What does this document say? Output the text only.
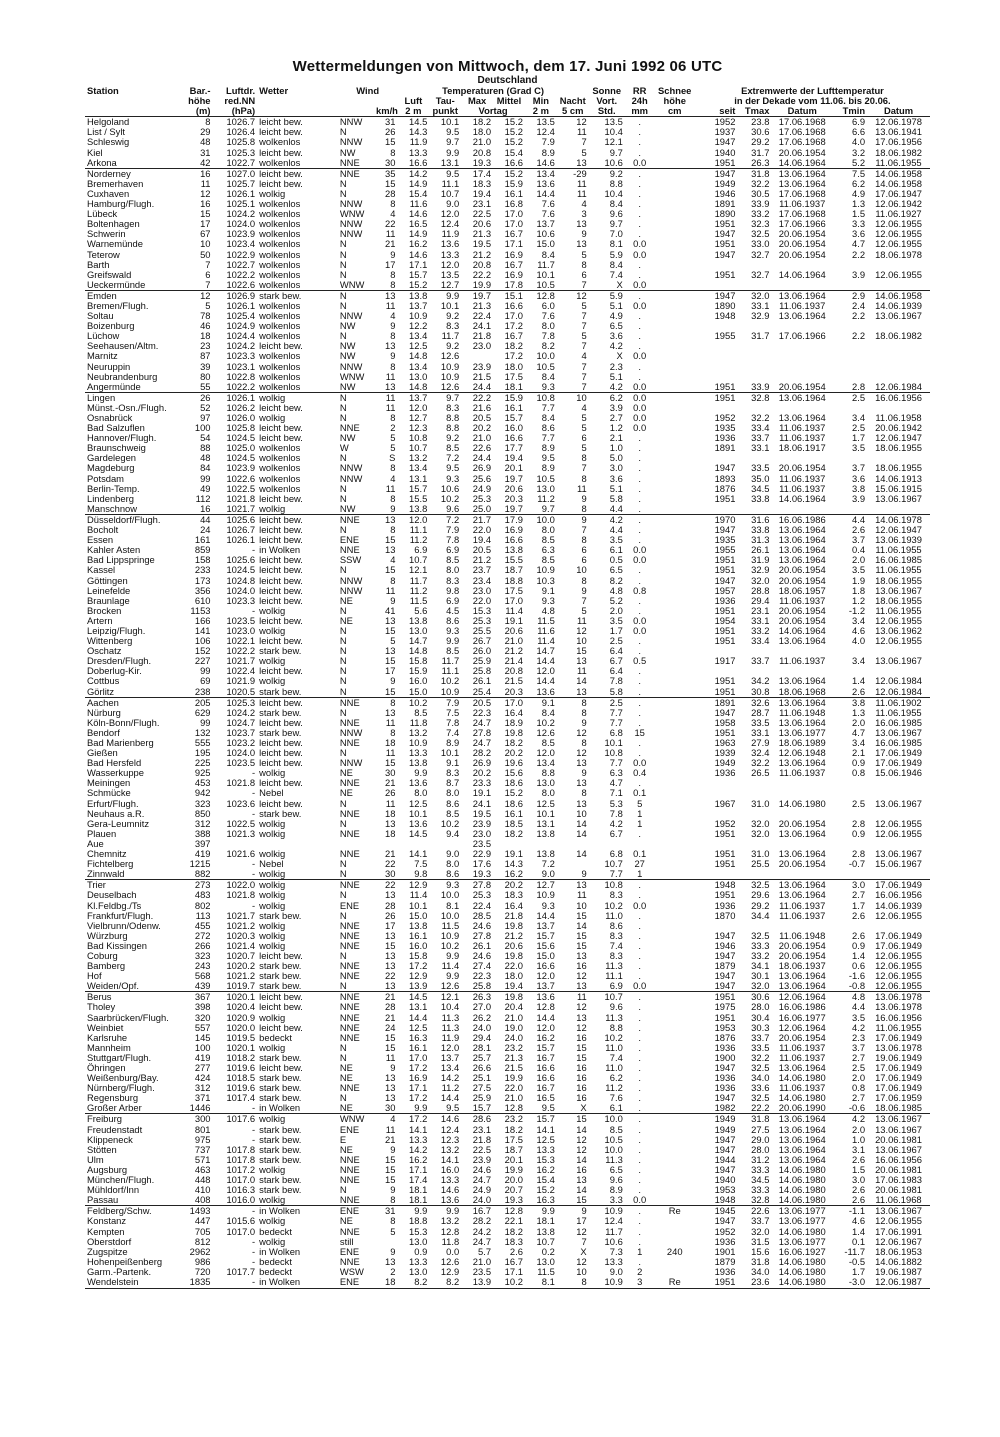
Wettermeldungen von Mittwoch, dem 17. Juni 1992 06 UTC
Deutschland
Station	Bar.-	Luftdr.	Wetter	Wind		Temperaturen (Grad C)						Sonne	RR	Schnee	Extremwerte der Lufttemperatur				
	höhe	red.NN				Luft	Tau-	Max	Mittel	Min	Nacht	Vort.	24h	höhe	in der Dekade vom 11.06. bis 20.06.				
	(m)	(hPa)			km/h	2 m	punkt	Vortag		2 m	5 cm	Std.	mm	cm	seit	Tmax	Datum	Tmin	Datum
Helgoland	8	1026.7	leicht bew.	NNW	31	14.5	10.1	18.2	15.2	13.5	12	13.5	.		1952	23.8	17.06.1968	6.9	12.06.1978
List / Sylt	29	1026.4	leicht bew.	N	26	14.3	9.5	18.0	15.2	12.4	11	10.4	.		1937	30.6	17.06.1968	6.6	13.06.1941
Schleswig	48	1025.8	wolkenlos	NNW	15	11.9	9.7	21.0	15.2	7.9	7	12.1	.		1947	29.2	17.06.1968	4.0	17.06.1956
Kiel	31	1025.3	leicht bew.	NW	8	13.3	9.9	20.8	15.4	8.9	5	9.7	.		1940	31.7	20.06.1954	3.2	18.06.1982
Arkona	42	1022.7	wolkenlos	NNE	30	16.6	13.1	19.3	16.6	14.6	13	10.6	0.0		1951	26.3	14.06.1964	5.2	11.06.1955
Norderney	16	1027.0	leicht bew.	NNE	35	14.2	9.5	17.4	15.2	13.4	-29	9.2	.		1947	31.8	13.06.1964	7.5	14.06.1958
Bremerhaven	11	1025.7	leicht bew.	N	15	14.9	11.1	18.3	15.9	13.6	11	8.8	.		1949	32.2	13.06.1964	6.2	14.06.1958
Cuxhaven	12	1026.1	wolkig	N	28	15.4	10.7	19.4	16.1	14.4	11	10.4	.		1946	30.5	17.06.1968	4.9	17.06.1947
Hamburg/Flugh.	16	1025.1	wolkenlos	NNW	8	11.6	9.0	23.1	16.8	7.6	4	8.4	.		1891	33.9	11.06.1937	1.3	12.06.1942
Lübeck	15	1024.2	wolkenlos	WNW	4	14.6	12.0	22.5	17.0	7.6	3	9.6	.		1890	33.2	17.06.1968	1.5	11.06.1927
Boltenhagen	17	1024.0	wolkenlos	NNW	22	16.5	12.4	20.6	17.0	13.7	13	9.7	.		1951	32.3	17.06.1966	3.3	12.06.1955
Schwerin	67	1023.9	wolkenlos	NNW	11	14.9	11.9	21.3	16.7	10.6	9	7.0	.		1947	32.5	20.06.1954	3.6	12.06.1955
Warnemünde	10	1023.4	wolkenlos	N	21	16.2	13.6	19.5	17.1	15.0	13	8.1	0.0		1951	33.0	20.06.1954	4.7	12.06.1955
Teterow	50	1022.9	wolkenlos	N	9	14.6	13.3	21.2	16.9	8.4	5	5.9	0.0		1947	32.7	20.06.1954	2.2	18.06.1978
Barth	7	1022.7	wolkenlos	N	17	17.1	12.0	20.8	16.7	11.7	8	8.4	.						
Greifswald	6	1022.2	wolkenlos	N	8	15.7	13.5	22.2	16.9	10.1	6	7.4	.		1951	32.7	14.06.1964	3.9	12.06.1955
Ueckermünde	7	1022.6	wolkenlos	WNW	8	15.2	12.7	19.9	17.8	10.5	7	X	0.0						
Emden	12	1026.9	stark bew.	N	13	13.8	9.9	19.7	15.1	12.8	12	5.9	.		1947	32.0	13.06.1964	2.9	14.06.1958
Bremen/Flugh.	5	1026.1	wolkenlos	N	11	13.7	10.1	21.3	16.6	6.0	5	5.1	0.0		1890	33.1	11.06.1937	2.4	14.06.1939
Soltau	78	1025.4	wolkenlos	NNW	4	10.9	9.2	22.4	17.0	7.6	7	4.9	.		1948	32.9	13.06.1964	2.2	13.06.1967
Boizenburg	46	1024.9	wolkenlos	NW	9	12.2	8.3	24.1	17.2	8.0	7	6.5	.						
Lüchow	18	1024.4	wolkenlos	N	8	13.4	11.7	21.8	16.7	7.8	5	3.6	.		1955	31.7	17.06.1966	2.2	18.06.1982
Seehausen/Altm.	23	1024.2	leicht bew.	NW	13	12.5	9.2	23.0	18.2	8.2	7	4.2	.						
Marnitz	87	1023.3	wolkenlos	NW	9	14.8	12.6		17.2	10.0	4	X	0.0						
Neuruppin	39	1023.1	wolkenlos	NNW	8	13.4	10.9	23.9	18.0	10.5	7	2.3	.						
Neubrandenburg	80	1022.8	wolkenlos	WNW	11	13.0	10.9	21.5	17.5	8.4	7	5.1	.						
Angermünde	55	1022.2	wolkenlos	NW	13	14.8	12.6	24.4	18.1	9.3	7	4.2	0.0		1951	33.9	20.06.1954	2.8	12.06.1984
Lingen	26	1026.1	wolkig	N	11	13.7	9.7	22.2	15.9	10.8	10	6.2	0.0		1951	32.8	13.06.1964	2.5	16.06.1956
Münst.-Osn./Flugh.	52	1026.2	leicht bew.	N	11	12.0	8.3	21.6	16.1	7.7	4	3.9	0.0						
Osnabrück	97	1026.0	wolkig	N	8	12.7	8.8	20.5	15.7	8.4	5	2.7	0.0		1952	32.2	13.06.1964	3.4	11.06.1958
Bad Salzuflen	100	1025.8	leicht bew.	NNE	2	12.3	8.8	20.2	16.0	8.6	5	1.2	0.0		1935	33.4	11.06.1937	2.5	20.06.1942
Hannover/Flugh.	54	1024.5	leicht bew.	NW	5	10.8	9.2	21.0	16.6	7.7	6	2.1	.		1936	33.7	11.06.1937	1.7	12.06.1947
Braunschweig	88	1025.0	wolkenlos	W	5	10.7	8.5	22.6	17.7	8.9	5	1.0	.		1891	33.1	18.06.1917	3.5	18.06.1955
Gardelegen	48	1024.5	wolkenlos	N	S	13.2	7.2	24.4	19.4	9.5	8	5.0	.						
Magdeburg	84	1023.9	wolkenlos	NNW	8	13.4	9.5	26.9	20.1	8.9	7	3.0	.		1947	33.5	20.06.1954	3.7	18.06.1955
Potsdam	99	1022.6	wolkenlos	NNW	4	13.1	9.3	25.6	19.7	10.5	8	3.6	.		1893	35.0	11.06.1937	3.6	14.06.1913
Berlin-Temp.	49	1022.5	wolkenlos	N	11	15.7	10.6	24.9	20.6	13.0	11	5.1	.		1876	34.5	11.06.1937	3.8	15.06.1915
Lindenberg	112	1021.8	leicht bew.	N	8	15.5	10.2	25.3	20.3	11.2	9	5.8	.		1951	33.8	14.06.1964	3.9	13.06.1967
Manschnow	16	1021.7	wolkig	NW	9	13.8	9.6	25.0	19.7	9.7	8	4.4	.						
Düsseldorf/Flugh.	44	1025.6	leicht bew.	NNE	13	12.0	7.2	21.7	17.9	10.0	9	4.2	.		1970	31.6	16.06.1986	4.4	14.06.1978
Bocholt	24	1026.7	leicht bew.	N	8	11.1	7.9	22.0	16.9	8.0	7	4.4	.		1947	33.8	13.06.1964	2.6	12.06.1947
Essen	161	1026.1	leicht bew.	ENE	15	11.2	7.8	19.4	16.6	8.5	8	3.5	.		1935	31.3	13.06.1964	3.7	13.06.1939
Kahler Asten	859	-	in Wolken	NNE	13	6.9	6.9	20.5	13.8	6.3	6	6.1	0.0		1955	26.1	13.06.1964	0.4	11.06.1955
Bad Lippspringe	158	1025.6	leicht bew.	SSW	4	10.7	8.5	21.2	15.5	8.5	6	0.5	0.0		1951	31.9	13.06.1964	2.0	16.06.1985
Kassel	233	1024.5	leicht bew.	N	15	12.1	8.0	23.7	18.7	10.9	10	6.5	.		1951	32.9	20.06.1954	3.5	11.06.1955
Göttingen	173	1024.8	leicht bew.	NNW	8	11.7	8.3	23.4	18.8	10.3	8	8.2	.		1947	32.0	20.06.1954	1.9	18.06.1955
Leinefelde	356	1024.0	leicht bew.	NNW	11	11.2	9.8	23.0	17.5	9.1	9	4.8	0.8		1957	28.8	18.06.1957	1.8	13.06.1967
Braunlage	610	1023.3	leicht bew.	NE	9	11.5	6.9	22.0	17.0	9.3	7	5.2	.		1936	29.4	11.06.1937	1.2	18.06.1955
Brocken	1153	-	wolkig	N	41	5.6	4.5	15.3	11.4	4.8	5	2.0	.		1951	23.1	20.06.1954	-1.2	11.06.1955
Artern	166	1023.5	leicht bew.	NE	13	13.8	8.6	25.3	19.1	11.5	11	3.5	0.0		1954	33.1	20.06.1954	3.4	12.06.1955
Leipzig/Flugh.	141	1023.0	wolkig	N	15	13.0	9.3	25.5	20.6	11.6	12	1.7	0.0		1951	33.2	14.06.1964	4.6	13.06.1962
Wittenberg	106	1022.1	leicht bew.	N	5	14.7	9.9	26.7	21.0	11.4	10	2.5	.		1951	33.4	13.06.1964	4.0	12.06.1955
Oschatz	152	1022.2	stark bew.	N	13	14.8	8.5	26.0	21.2	14.7	15	6.4	.						
Dresden/Flugh.	227	1021.7	wolkig	N	15	15.8	11.7	25.9	21.4	14.4	13	6.7	0.5		1917	33.7	11.06.1937	3.4	13.06.1967
Doberlug-Kir.	99	1022.4	leicht bew.	N	17	15.9	11.1	25.8	20.8	12.0	11	6.4	.						
Cottbus	69	1021.9	wolkig	N	9	16.0	10.2	26.1	21.5	14.4	14	7.8	.		1951	34.2	13.06.1964	1.4	12.06.1984
Görlitz	238	1020.5	stark bew.	N	15	15.0	10.9	25.4	20.3	13.6	13	5.8	.		1951	30.8	18.06.1968	2.6	12.06.1984
Aachen	205	1025.3	leicht bew.	NNE	8	10.2	7.9	20.5	17.0	9.1	8	2.5	.		1891	32.6	13.06.1964	3.8	11.06.1902
Nürburg	629	1024.2	stark bew.	N	13	8.5	7.5	22.3	16.4	8.4	8	7.7	.		1947	28.7	11.06.1948	1.3	11.06.1955
Köln-Bonn/Flugh.	99	1024.7	leicht bew.	NNE	11	11.8	7.8	24.7	18.9	10.2	9	7.7	.		1958	33.5	13.06.1964	2.0	16.06.1985
Bendorf	132	1023.7	stark bew.	NNW	8	13.2	7.4	27.8	19.8	12.6	12	6.8	15		1951	33.1	13.06.1977	4.7	13.06.1967
Bad Marienberg	555	1023.2	leicht bew.	NNE	18	10.9	8.9	24.7	18.2	8.5	8	10.1	.		1963	27.9	18.06.1989	3.4	16.06.1985
Gießen	195	1024.0	leicht bew.	N	11	13.3	10.1	28.2	20.2	12.0	12	10.8	.		1939	32.4	12.06.1948	2.1	17.06.1949
Bad Hersfeld	225	1023.5	leicht bew.	NNW	15	13.8	9.1	26.9	19.6	13.4	13	7.7	0.0		1949	32.2	13.06.1964	0.9	17.06.1949
Wasserkuppe	925	-	wolkig	NE	30	9.9	8.3	20.2	15.6	8.8	9	6.3	0.4		1936	26.5	11.06.1937	0.8	15.06.1946
Meiningen	453	1021.8	leicht bew.	NNE	21	13.6	8.7	23.3	18.6	13.0	13	4.7	.						
Schmücke	942	-	Nebel	NE	26	8.0	8.0	19.1	15.2	8.0	8	7.1	0.1						
Erfurt/Flugh.	323	1023.6	leicht bew.	N	11	12.5	8.6	24.1	18.6	12.5	13	5.3	5		1967	31.0	14.06.1980	2.5	13.06.1967
Neuhaus a.R.	850	-	stark bew.	NNE	18	10.1	8.5	19.5	16.1	10.1	10	7.8	1						
Gera-Leumnitz	312	1022.5	wolkig	N	13	13.6	10.2	23.9	18.5	13.1	14	4.2	1		1952	32.0	20.06.1954	2.8	12.06.1955
Plauen	388	1021.3	wolkig	NNE	18	14.5	9.4	23.0	18.2	13.8	14	6.7	.		1951	32.0	13.06.1964	0.9	12.06.1955
Aue	397							23.5											
Chemnitz	419	1021.6	wolkig	NNE	21	14.1	9.0	22.9	19.1	13.8	14	6.8	0.1		1951	31.0	13.06.1964	2.8	13.06.1967
Fichtelberg	1215	-	Nebel	N	22	7.5	8.0	17.6	14.3	7.2		10.7	27		1951	25.5	20.06.1954	-0.7	15.06.1967
Zinnwald	882	-	wolkig	N	30	9.8	8.6	19.3	16.2	9.0	9	7.7	1						
Trier	273	1022.0	wolkig	NNE	22	12.9	9.3	27.8	20.2	12.7	13	10.8	.		1948	32.5	13.06.1964	3.0	17.06.1949
Deuselbach	483	1021.8	wolkig	N	13	11.4	10.0	25.3	18.3	10.9	11	8.3	.		1951	29.6	13.06.1964	2.7	16.06.1956
Kl.Feldbg./Ts	802	-	wolkig	ENE	28	10.1	8.1	22.4	16.4	9.3	10	10.2	0.0		1936	29.2	11.06.1937	1.7	14.06.1939
Frankfurt/Flugh.	113	1021.7	stark bew.	N	26	15.0	10.0	28.5	21.8	14.4	15	11.0	.		1870	34.4	11.06.1937	2.6	12.06.1955
Vielbrunn/Odenw.	455	1021.2	wolkig	NNE	17	13.8	11.5	24.6	19.8	13.7	14	8.6	.						
Würzburg	272	1020.3	wolkig	NNE	13	16.1	10.9	27.8	21.2	15.7	15	8.3	.		1947	32.5	11.06.1948	2.6	17.06.1949
Bad Kissingen	266	1021.4	wolkig	NNE	15	16.0	10.2	26.1	20.6	15.6	15	7.4	.		1946	33.3	20.06.1954	0.9	17.06.1949
Coburg	323	1020.7	leicht bew.	N	13	15.8	9.9	24.6	19.8	15.0	13	8.3	.		1947	33.2	20.06.1954	1.4	12.06.1955
Bamberg	243	1020.2	stark bew.	NNE	13	17.2	11.4	27.4	22.0	16.6	16	11.3	.		1879	34.1	18.06.1937	0.6	12.06.1955
Hof	568	1021.2	stark bew.	NNE	22	12.9	9.9	22.3	18.0	12.0	12	11.1	.		1947	30.1	13.06.1964	-1.6	12.06.1955
Weiden/Opf.	439	1019.7	stark bew.	N	13	13.9	12.6	25.8	19.4	13.7	13	6.9	0.0		1947	32.0	13.06.1964	-0.8	12.06.1955
Berus	367	1020.1	leicht bew.	NNE	21	14.5	12.1	26.3	19.8	13.6	11	10.7	.		1951	30.6	12.06.1964	4.8	13.06.1978
Tholey	398	1020.4	leicht bew.	NNE	28	13.1	10.4	27.0	20.4	12.8	12	9.6	.		1975	28.0	16.06.1986	4.4	13.06.1978
Saarbrücken/Flugh.	320	1020.9	wolkig	NNE	21	14.4	11.3	26.2	21.0	14.4	13	11.3	.		1951	30.4	16.06.1977	3.5	16.06.1956
Weinbiet	557	1020.0	leicht bew.	NNE	24	12.5	11.3	24.0	19.0	12.0	12	8.8	.		1953	30.3	12.06.1964	4.2	11.06.1955
Karlsruhe	145	1019.5	bedeckt	NNE	15	16.3	11.9	29.4	24.0	16.2	16	10.2	.		1876	33.7	20.06.1954	2.3	17.06.1949
Mannheim	100	1020.1	wolkig	N	15	16.1	12.0	28.1	23.2	15.7	15	11.0	.		1936	33.5	11.06.1937	3.7	13.06.1978
Stuttgart/Flugh.	419	1018.2	stark bew.	N	11	17.0	13.7	25.7	21.3	16.7	15	7.4	.		1900	32.2	11.06.1937	2.7	19.06.1949
Öhringen	277	1019.6	leicht bew.	NE	9	17.2	13.4	26.6	21.5	16.6	16	11.0	.		1947	32.5	13.06.1964	2.5	17.06.1949
Weißenburg/Bay.	424	1018.5	stark bew.	NE	13	16.9	14.2	25.1	19.9	16.6	16	6.2	.		1936	34.0	14.06.1980	2.0	17.06.1949
Nürnberg/Flugh.	312	1019.6	stark bew.	NNE	13	17.1	11.2	27.5	22.0	16.7	16	11.2	.		1936	33.6	11.06.1937	0.8	17.06.1949
Regensburg	371	1017.4	stark bew.	N	13	17.2	14.4	25.9	21.0	16.5	16	7.6	.		1947	32.5	14.06.1980	2.7	17.06.1959
Großer Arber	1446	-	in Wolken	NE	30	9.9	9.5	15.7	12.8	9.5	X	6.1	.		1982	22.2	20.06.1990	-0.6	18.06.1985
Freiburg	300	1017.6	wolkig	WNW	4	17.2	14.6	28.6	23.2	15.7	15	10.0	.		1949	31.8	13.06.1964	4.2	13.06.1967
Freudenstadt	801	-	stark bew.	ENE	11	14.1	12.4	23.1	18.2	14.1	14	8.5	.		1949	27.5	13.06.1964	2.0	13.06.1967
Klippeneck	975	-	stark bew.	E	21	13.3	12.3	21.8	17.5	12.5	12	10.5	.		1947	29.0	13.06.1964	1.0	20.06.1981
Stötten	737	1017.8	stark bew.	NE	9	14.2	13.2	22.5	18.7	13.3	12	10.0	.		1947	28.0	13.06.1964	3.1	13.06.1967
Ulm	571	1017.8	stark bew.	NNE	15	16.2	14.1	23.9	20.1	15.3	14	11.3	.		1944	31.2	13.06.1964	2.6	16.06.1956
Augsburg	463	1017.2	wolkig	NNE	15	17.1	16.0	24.6	19.9	16.2	16	6.5	.		1947	33.3	14.06.1980	1.5	20.06.1981
München/Flugh.	448	1017.0	stark bew.	NNE	15	17.4	13.3	24.7	20.0	15.4	13	9.6	.		1940	34.5	14.06.1980	3.0	17.06.1983
Mühldorf/Inn	410	1016.3	stark bew.	N	9	18.1	14.6	24.9	20.7	15.2	14	8.9	.		1953	33.3	14.06.1980	2.6	20.06.1981
Passau	408	1016.0	wolkig	NNE	8	18.1	13.6	24.0	19.3	16.3	15	3.3	0.0		1948	32.8	14.06.1980	2.6	11.06.1968
Feldberg/Schw.	1493	-	in Wolken	ENE	31	9.9	9.9	16.7	12.8	9.9	9	10.9	.	Re	1945	22.6	13.06.1977	-1.1	13.06.1967
Konstanz	447	1015.6	wolkig	NE	8	18.8	13.2	28.2	22.1	18.1	17	12.4	.		1947	33.7	13.06.1977	4.6	12.06.1955
Kempten	705	1017.0	bedeckt	NNE	5	15.3	12.8	24.2	18.2	13.8	12	11.7	.		1952	32.0	14.06.1980	1.4	17.06.1991
Oberstdorf	812	-	wolkig	still		13.0	11.8	24.7	18.3	10.7	7	10.6	.		1936	31.5	13.06.1977	0.1	12.06.1967
Zugspitze	2962	-	in Wolken	ENE	9	0.9	0.0	5.7	2.6	0.2	X	7.3	1	240	1901	15.6	16.06.1927	-11.7	18.06.1953
Hohenpeißenberg	986	-	bedeckt	NNE	13	13.3	12.6	21.0	16.7	13.0	12	13.3	.		1879	31.8	14.06.1980	-0.5	14.06.1882
Garm.-Partenk.	720	1017.7	bedeckt	WSW	2	13.0	12.9	23.5	17.1	11.5	10	9.0	2		1936	34.0	14.06.1980	1.7	19.06.1987
Wendelstein	1835	-	in Wolken	ENE	18	8.2	8.2	13.9	10.2	8.1	8	10.9	3	Re	1951	23.6	14.06.1980	-3.0	12.06.1987
